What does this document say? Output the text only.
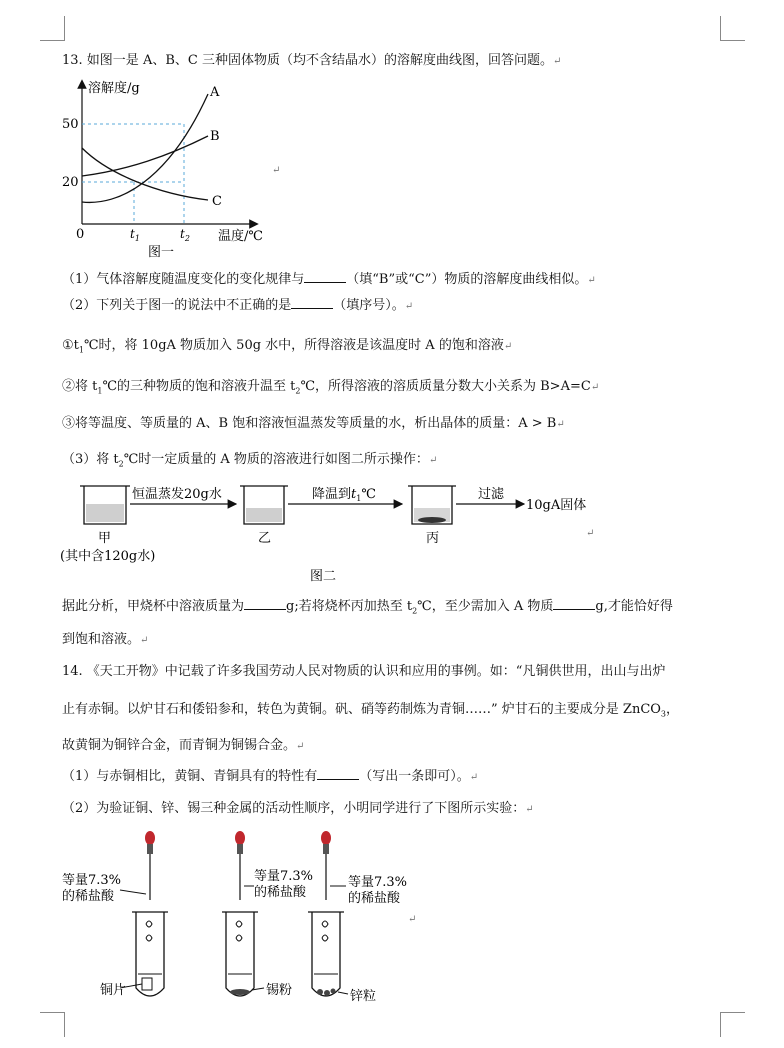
13. 如图一是 A、B、C 三种固体物质（均不含结晶水）的溶解度曲线图，回答问题。↵
溶解度/g
50
20
0	$t_1$	$t_2$ 温度/℃
A
B
C
图一
↵
（1）气体溶解度随温度变化的变化规律与	（填“B”或“C”）物质的溶解度曲线相似。↵
（2）下列关于图一的说法中不正确的是	（填序号）。↵
$①t_1℃$时，将 10gA 物质加入 50g 水中，所得溶液是该温度时 A 的饱和溶液↵
②将 $t_1℃$的三种物质的饱和溶液升温至 $t_2℃$，所得溶液的溶质质量分数大小关系为 B>A=C↵
③将等温度、等质量的 A、B 饱和溶液恒温蒸发等质量的水，析出晶体的质量：A > B↵
（3）将 $t_2℃$时一定质量的 A 物质的溶液进行如图二所示操作：↵
恒温蒸发20g水	降温到$t_1℃$	过滤
10gA固体
甲
(其中含120g水)
乙	丙
图二
↵
据此分析，甲烧杯中溶液质量为	g;若将烧杯丙加热至 $t_2℃$，至少需加入 A 物质	g,才能恰好得
到饱和溶液。↵
14. 《天工开物》中记载了许多我国劳动人民对物质的认识和应用的事例。如：“凡铜供世用，出山与出炉
止有赤铜。以炉甘石和倭铅参和，转色为黄铜。矾、硝等药制炼为青铜……” 炉甘石的主要成分是 ZnCO$_3$，
故黄铜为铜锌合金，而青铜为铜锡合金。↵
（1）与赤铜相比，黄铜、青铜具有的特性有	（写出一条即可）。↵
（2）为验证铜、锌、锡三种金属的活动性顺序，小明同学进行了下图所示实验：↵
等量7.3%
的稀盐酸
铜片
等量7.3%
的稀盐酸
锡粉
等量7.3%
的稀盐酸
锌粒
↵
